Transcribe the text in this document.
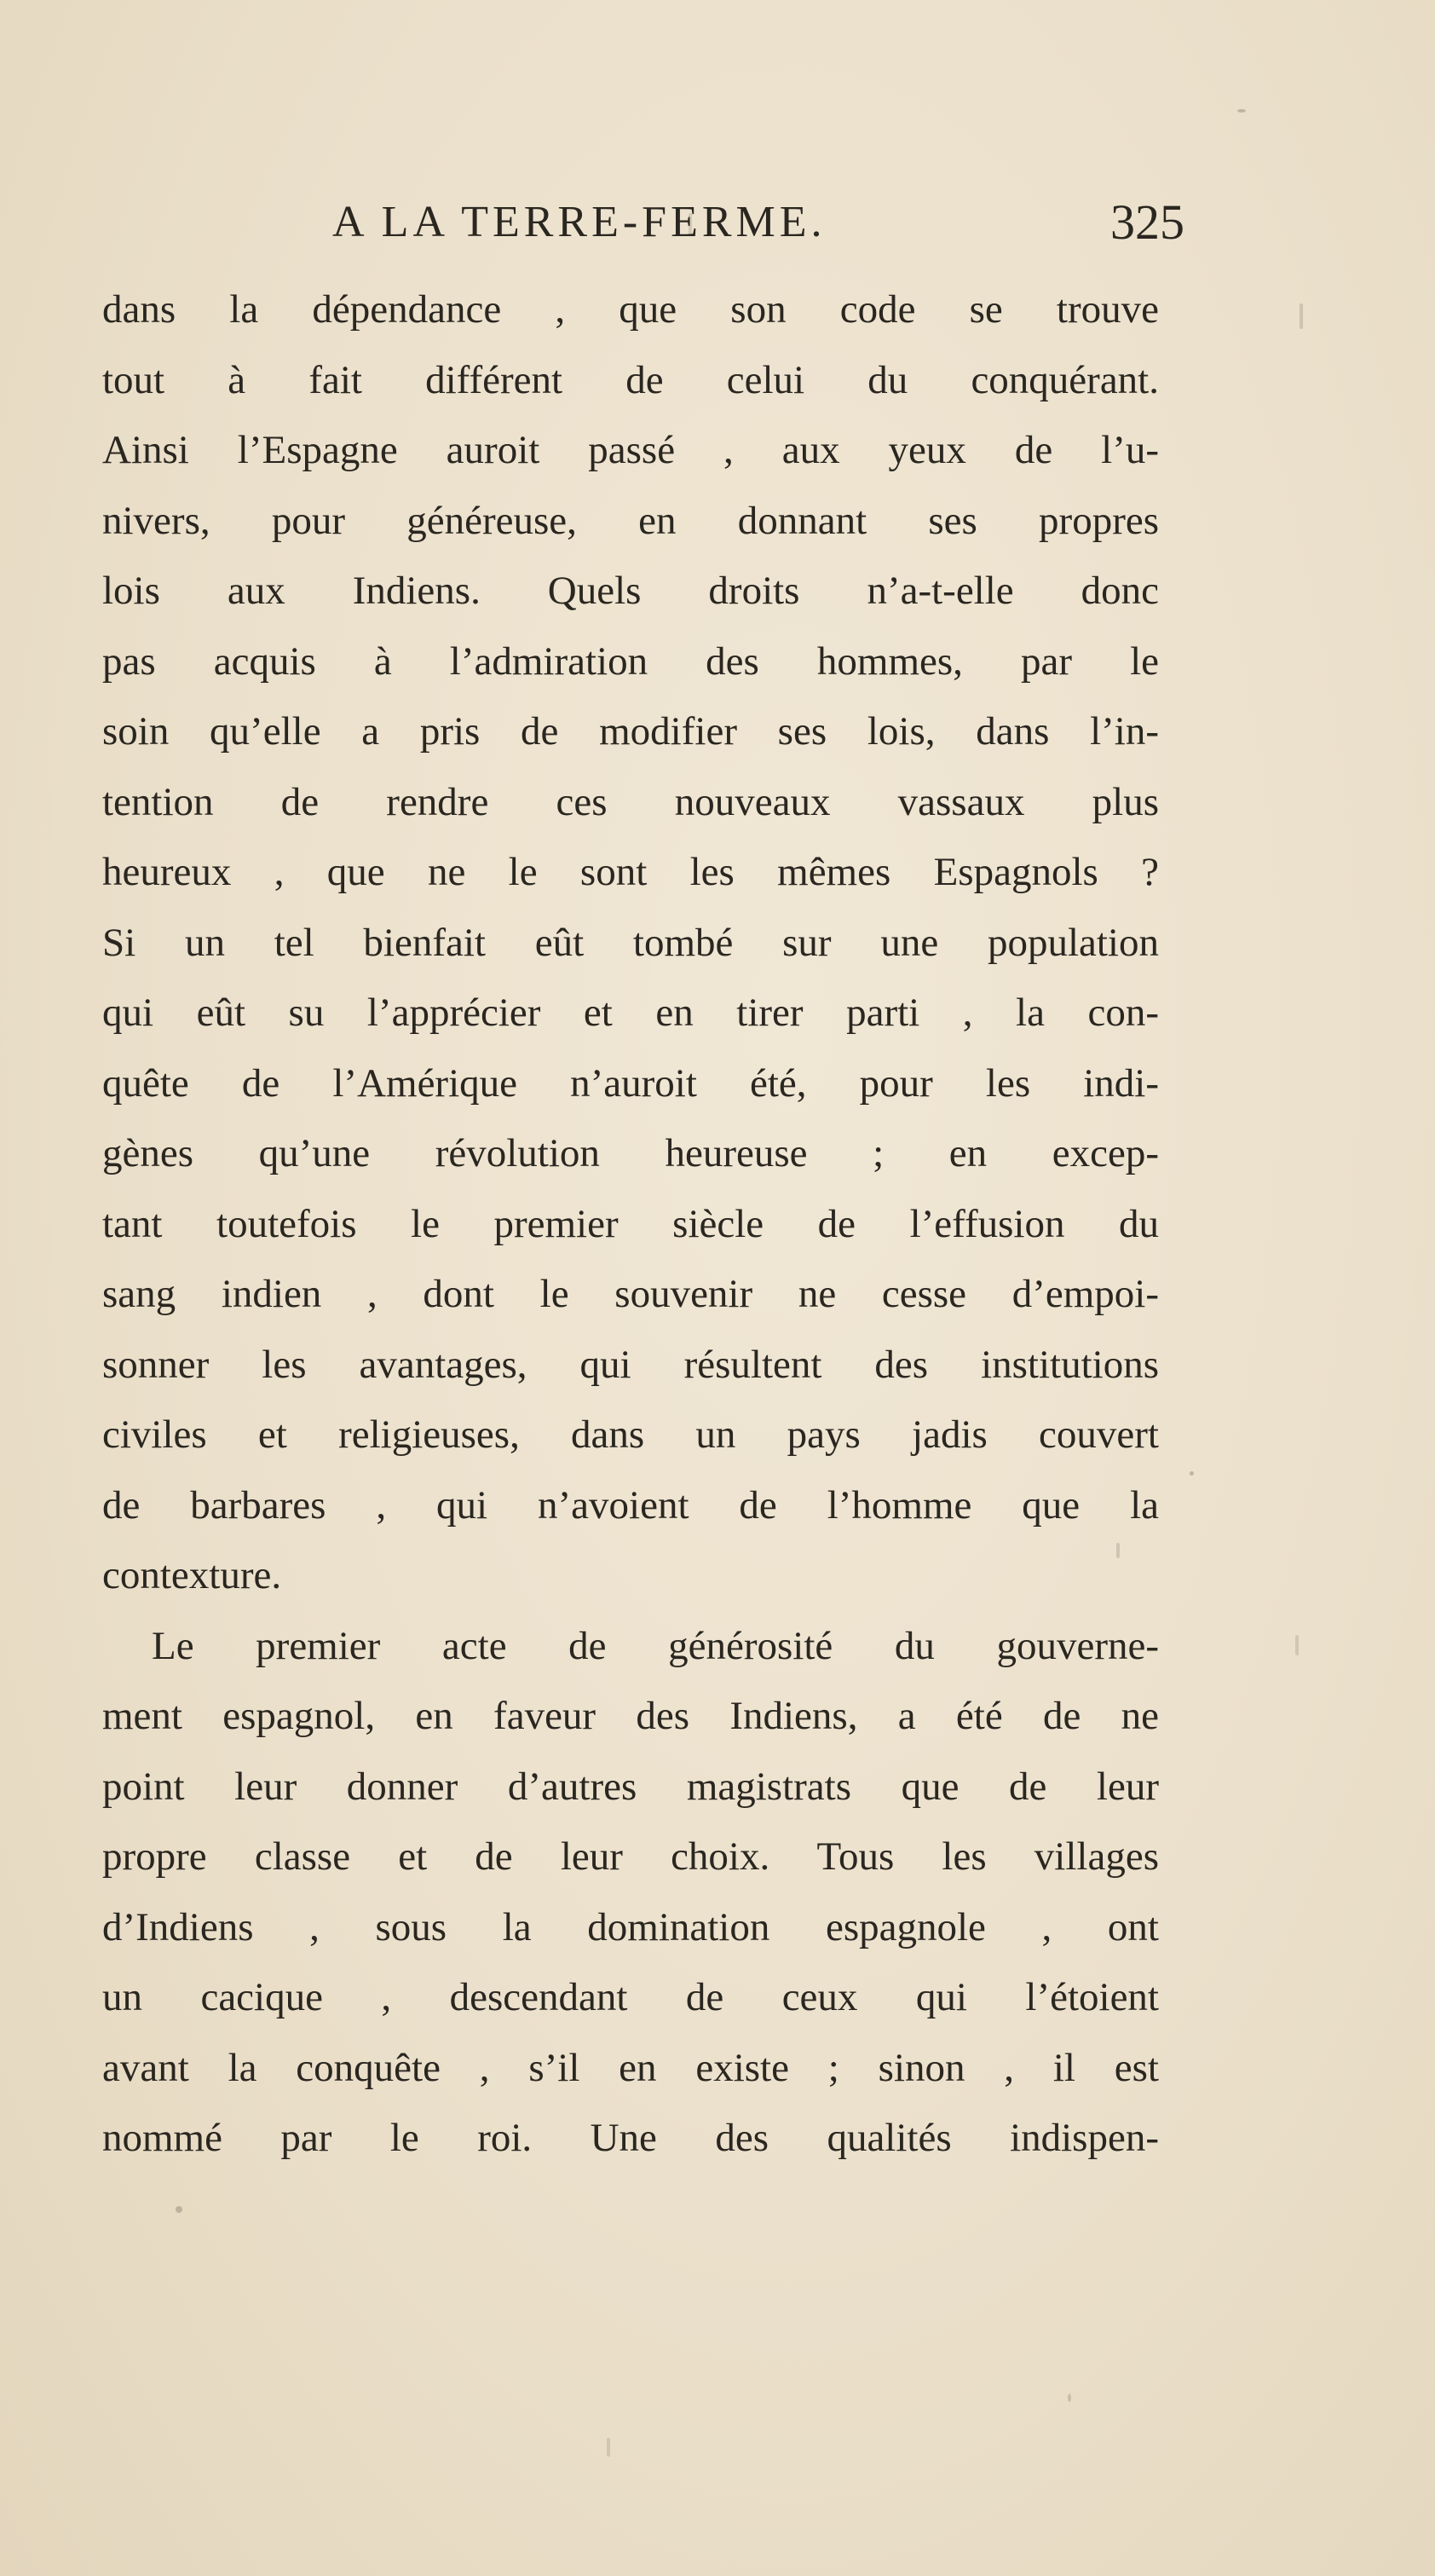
A LA TERRE-FERME.	325
dans la dépendance , que son code se trouve
tout à fait différent de celui du conquérant.
Ainsi l’Espagne auroit passé , aux yeux de l’u-
nivers, pour généreuse, en donnant ses propres
lois aux Indiens. Quels droits n’a-t-elle donc
pas acquis à l’admiration des hommes, par le
soin qu’elle a pris de modifier ses lois, dans l’in-
tention de rendre ces nouveaux vassaux plus
heureux , que ne le sont les mêmes Espagnols ?
Si un tel bienfait eût tombé sur une population
qui eût su l’apprécier et en tirer parti , la con-
quête de l’Amérique n’auroit été, pour les indi-
gènes qu’une révolution heureuse ; en excep-
tant toutefois le premier siècle de l’effusion du
sang indien , dont le souvenir ne cesse d’empoi-
sonner les avantages, qui résultent des institutions
civiles et religieuses, dans un pays jadis couvert
de barbares , qui n’avoient de l’homme que la
contexture.
Le premier acte de générosité du gouverne-
ment espagnol, en faveur des Indiens, a été de ne
point leur donner d’autres magistrats que de leur
propre classe et de leur choix. Tous les villages
d’Indiens , sous la domination espagnole , ont
un cacique , descendant de ceux qui l’étoient
avant la conquête , s’il en existe ; sinon , il est
nommé par le roi. Une des qualités indispen-
